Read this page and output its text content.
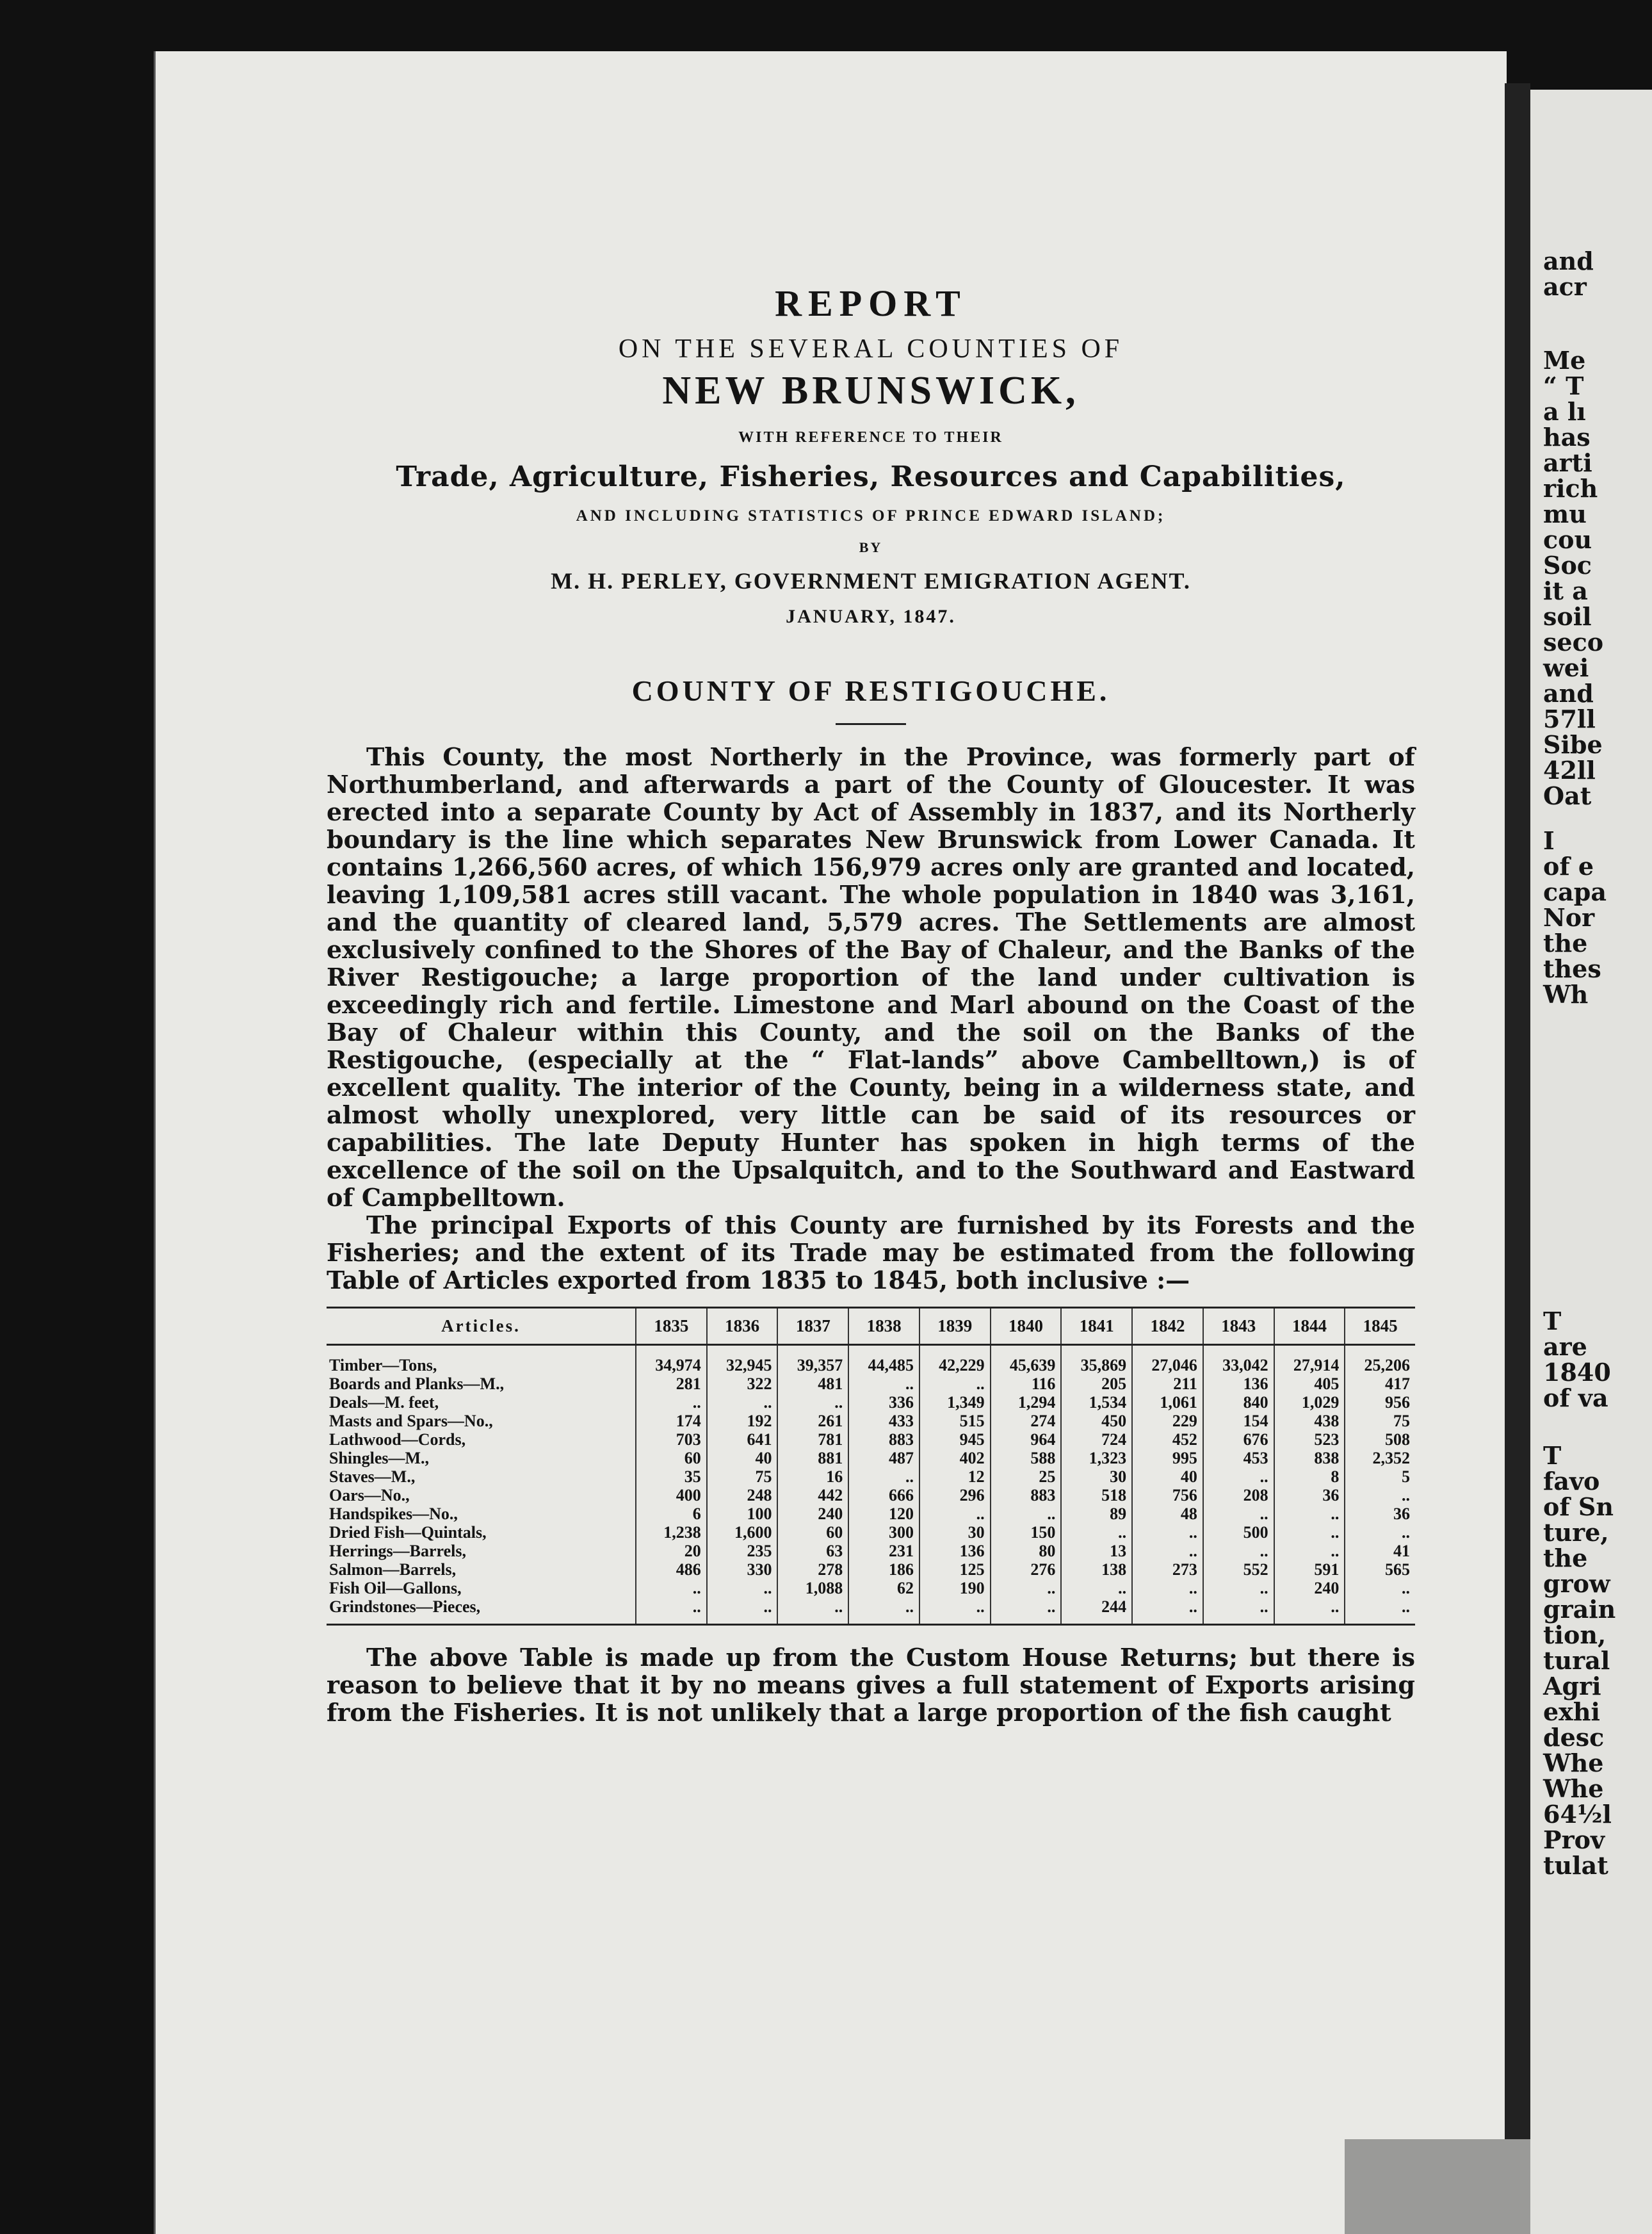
REPORT
ON THE SEVERAL COUNTIES OF
NEW BRUNSWICK,
WITH REFERENCE TO THEIR
Trade, Agriculture, Fisheries, Resources and Capabilities,
AND INCLUDING STATISTICS OF PRINCE EDWARD ISLAND;
BY
M. H. PERLEY, GOVERNMENT EMIGRATION AGENT.
JANUARY, 1847.
COUNTY OF RESTIGOUCHE.

This County, the most Northerly in the Province, was formerly part of Northumberland, and afterwards a part of the County of Gloucester. It was erected into a separate County by Act of Assembly in 1837, and its Northerly boundary is the line which separates New Brunswick from Lower Canada. It contains 1,266,560 acres, of which 156,979 acres only are granted and located, leaving 1,109,581 acres still vacant. The whole population in 1840 was 3,161, and the quantity of cleared land, 5,579 acres. The Settlements are almost exclusively confined to the Shores of the Bay of Chaleur, and the Banks of the River Restigouche; a large proportion of the land under cultivation is exceedingly rich and fertile. Limestone and Marl abound on the Coast of the Bay of Chaleur within this County, and the soil on the Banks of the Restigouche, (especially at the “ Flat-lands” above Cambelltown,) is of excellent quality. The interior of the County, being in a wilderness state, and almost wholly unexplored, very little can be said of its resources or capabilities. The late Deputy Hunter has spoken in high terms of the excellence of the soil on the Upsalquitch, and to the Southward and Eastward of Campbelltown.

The principal Exports of this County are furnished by its Forests and the Fisheries; and the extent of its Trade may be estimated from the following Table of Articles exported from 1835 to 1845, both inclusive :—

Articles.	1835	1836	1837	1838	1839	1840	1841	1842	1843	1844	1845
Timber—Tons,	34,974	32,945	39,357	44,485	42,229	45,639	35,869	27,046	33,042	27,914	25,206
Boards and Planks—M.,	281	322	481	..	..	116	205	211	136	405	417
Deals—M. feet,	..	..	..	336	1,349	1,294	1,534	1,061	840	1,029	956
Masts and Spars—No.,	174	192	261	433	515	274	450	229	154	438	75
Lathwood—Cords,	703	641	781	883	945	964	724	452	676	523	508
Shingles—M.,	60	40	881	487	402	588	1,323	995	453	838	2,352
Staves—M.,	35	75	16	..	12	25	30	40	..	8	5
Oars—No.,	400	248	442	666	296	883	518	756	208	36	..
Handspikes—No.,	6	100	240	120	..	..	89	48	..	..	36
Dried Fish—Quintals,	1,238	1,600	60	300	30	150	..	..	500	..	..
Herrings—Barrels,	20	235	63	231	136	80	13	..	..	..	41
Salmon—Barrels,	486	330	278	186	125	276	138	273	552	591	565
Fish Oil—Gallons,	..	..	1,088	62	190	..	..	..	..	240	..
Grindstones—Pieces,	..	..	..	..	..	..	244	..	..	..	..

The above Table is made up from the Custom House Returns; but there is reason to believe that it by no means gives a full statement of Exports arising from the Fisheries. It is not unlikely that a large proportion of the fish caught

and
acr
Me
“ T
a lı
has
arti
rich
mu
cou
Soc
it a
soil
seco
wei
and
57ll
Sibe
42ll
Oat
I
of e
capa
Nor
the
thes
Wh
T
are
1840
of va
T
favo
of Sn
ture,
the
grow
grain
tion,
tural
Agri
exhi
desc
Whe
Whe
64½l
Prov
tulat
